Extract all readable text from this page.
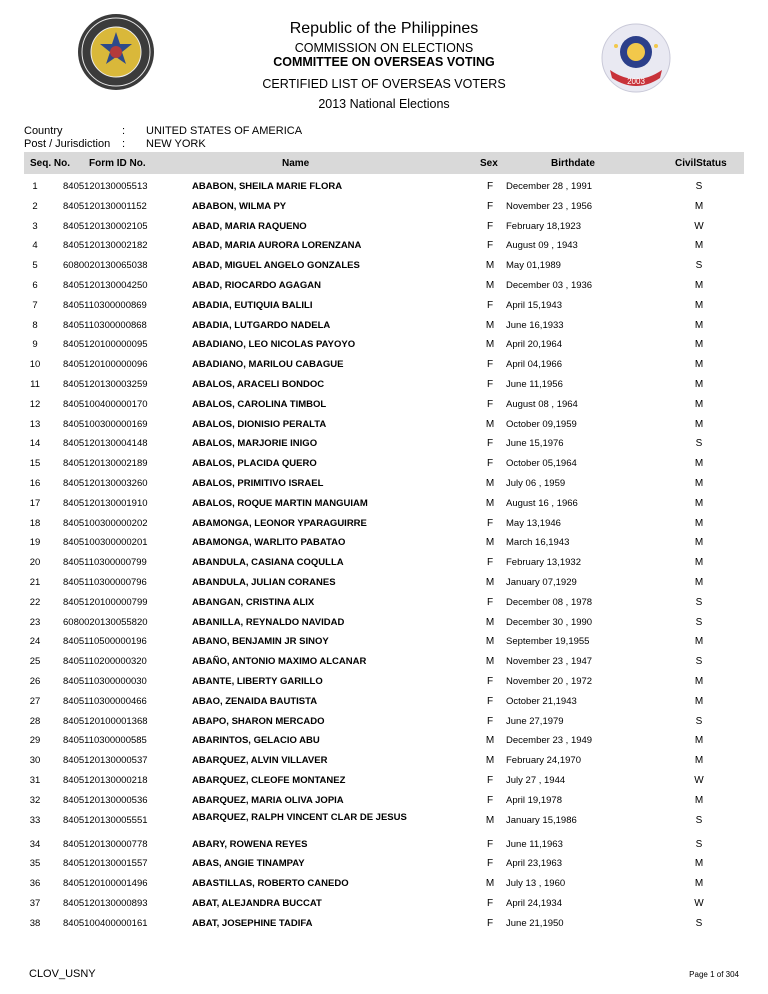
2003
Republic of the Philippines
COMMISSION ON ELECTIONS
COMMITTEE ON OVERSEAS VOTING
CERTIFIED LIST OF OVERSEAS VOTERS
2013 National Elections
Country	: UNITED STATES OF AMERICA
Post / Jurisdiction	: NEW YORK
Seq. No. Form ID No.	Name	Sex	Birthdate	CivilStatus
1	8405120130005513	ABABON, SHEILA MARIE FLORA	F	December 28 , 1991	S
2	8405120130001152	ABABON, WILMA PY	F	November 23 , 1956	M
3	8405120130002105	ABAD, MARIA RAQUENO	F	February 18,1923	W
4	8405120130002182	ABAD, MARIA AURORA LORENZANA	F	August 09 , 1943	M
5	6080020130065038	ABAD, MIGUEL ANGELO GONZALES	M	May 01,1989	S
6	8405120130004250	ABAD, RIOCARDO AGAGAN	M	December 03 , 1936	M
7	8405110300000869	ABADIA, EUTIQUIA BALILI	F	April 15,1943	M
8	8405110300000868	ABADIA, LUTGARDO NADELA	M	June 16,1933	M
9	8405120100000095	ABADIANO, LEO NICOLAS PAYOYO	M	April 20,1964	M
10	8405120100000096	ABADIANO, MARILOU CABAGUE	F	April 04,1966	M
11	8405120130003259	ABALOS, ARACELI BONDOC	F	June 11,1956	M
12	8405100400000170	ABALOS, CAROLINA TIMBOL	F	August 08 , 1964	M
13	8405100300000169	ABALOS, DIONISIO PERALTA	M	October 09,1959	M
14	8405120130004148	ABALOS, MARJORIE INIGO	F	June 15,1976	S
15	8405120130002189	ABALOS, PLACIDA QUERO	F	October 05,1964	M
16	8405120130003260	ABALOS, PRIMITIVO ISRAEL	M	July 06 , 1959	M
17	8405120130001910	ABALOS, ROQUE MARTIN MANGUIAM	M	August 16 , 1966	M
18	8405100300000202	ABAMONGA, LEONOR YPARAGUIRRE	F	May 13,1946	M
19	8405100300000201	ABAMONGA, WARLITO PABATAO	M	March 16,1943	M
20	8405110300000799	ABANDULA, CASIANA COQULLA	F	February 13,1932	M
21	8405110300000796	ABANDULA, JULIAN CORANES	M	January 07,1929	M
22	8405120100000799	ABANGAN, CRISTINA ALIX	F	December 08 , 1978	S
23	6080020130055820	ABANILLA, REYNALDO NAVIDAD	M	December 30 , 1990	S
24	8405110500000196	ABANO, BENJAMIN JR SINOY	M	September 19,1955	M
25	8405110200000320	ABAÑO, ANTONIO MAXIMO ALCANAR	M	November 23 , 1947	S
26	8405110300000030	ABANTE, LIBERTY GARILLO	F	November 20 , 1972	M
27	8405110300000466	ABAO, ZENAIDA BAUTISTA	F	October 21,1943	M
28	8405120100001368	ABAPO, SHARON MERCADO	F	June 27,1979	S
29	8405110300000585	ABARINTOS, GELACIO ABU	M	December 23 , 1949	M
30	8405120130000537	ABARQUEZ, ALVIN VILLAVER	M	February 24,1970	M
31	8405120130000218	ABARQUEZ, CLEOFE MONTANEZ	F	July 27 , 1944	W
32	8405120130000536	ABARQUEZ, MARIA OLIVA JOPIA	F	April 19,1978	M
33	8405120130005551	ABARQUEZ, RALPH VINCENT CLAR DE JESUS	M	January 15,1986	S
34	8405120130000778	ABARY, ROWENA REYES	F	June 11,1963	S
35	8405120130001557	ABAS, ANGIE TINAMPAY	F	April 23,1963	M
36	8405120100001496	ABASTILLAS, ROBERTO CANEDO	M	July 13 , 1960	M
37	8405120130000893	ABAT, ALEJANDRA BUCCAT	F	April 24,1934	W
38	8405100400000161	ABAT, JOSEPHINE TADIFA	F	June 21,1950	S
CLOV_USNY	Page 1 of 304
